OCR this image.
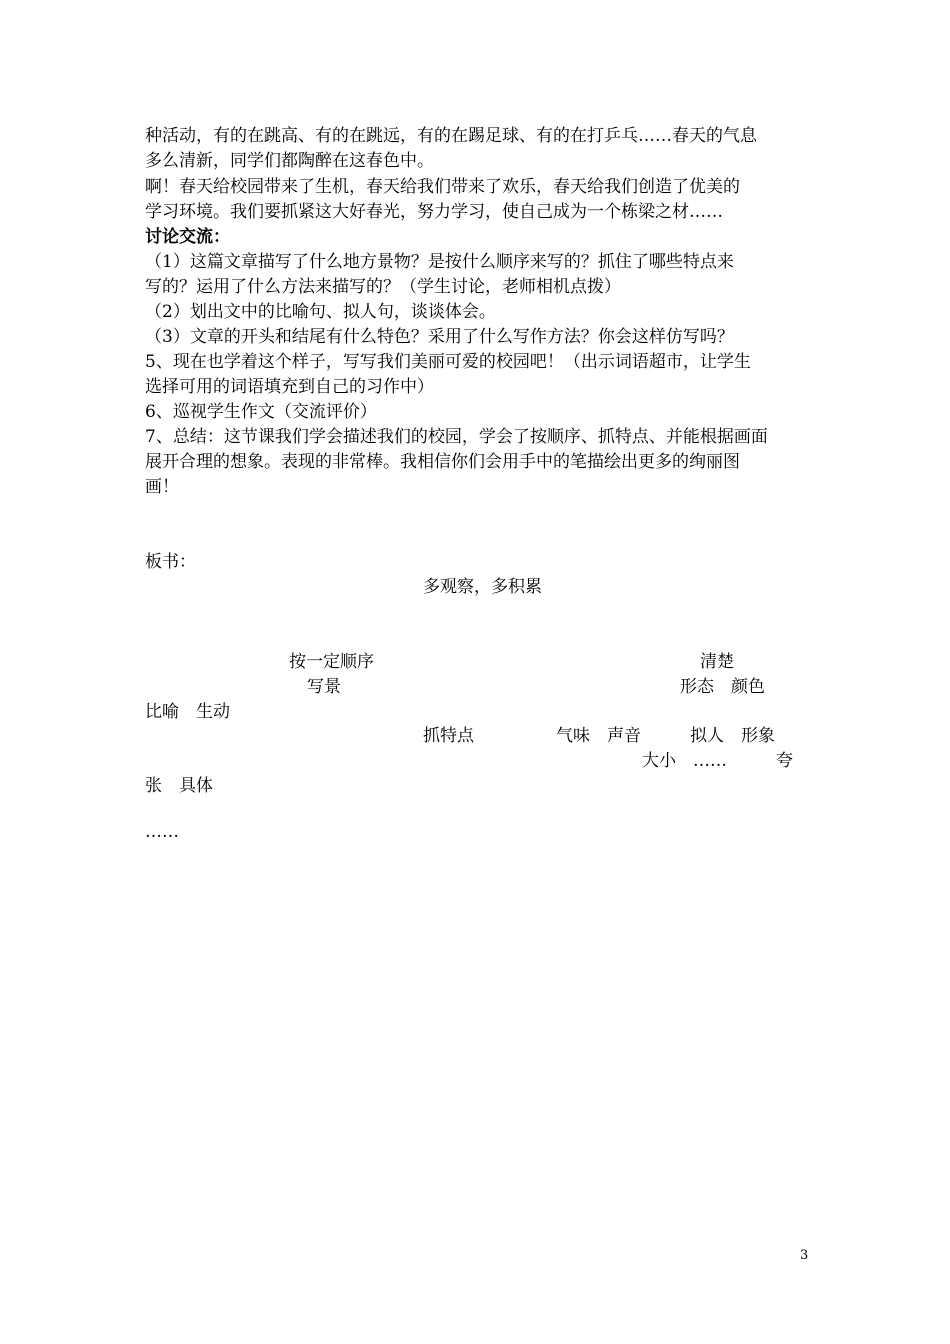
种活动，有的在跳高、有的在跳远，有的在踢足球、有的在打乒乓……春天的气息
多么清新，同学们都陶醉在这春色中。
啊！春天给校园带来了生机，春天给我们带来了欢乐，春天给我们创造了优美的
学习环境。我们要抓紧这大好春光，努力学习，使自己成为一个栋梁之材……
讨论交流：
（1）这篇文章描写了什么地方景物？是按什么顺序来写的？抓住了哪些特点来
写的？运用了什么方法来描写的？（学生讨论，老师相机点拨）
（2）划出文中的比喻句、拟人句，谈谈体会。
（3）文章的开头和结尾有什么特色？采用了什么写作方法？你会这样仿写吗？
5、现在也学着这个样子，写写我们美丽可爱的校园吧！（出示词语超市，让学生
选择可用的词语填充到自己的习作中）
6、巡视学生作文（交流评价）
7、总结：这节课我们学会描述我们的校园，学会了按顺序、抓特点、并能根据画面
展开合理的想象。表现的非常棒。我相信你们会用手中的笔描绘出更多的绚丽图
画！
板书：
多观察，多积累
按一定顺序	清楚
写景	形态　颜色
比喻　生动
抓特点	气味　声音	拟人　形象
大小　……	夸
张　具体
……
3
